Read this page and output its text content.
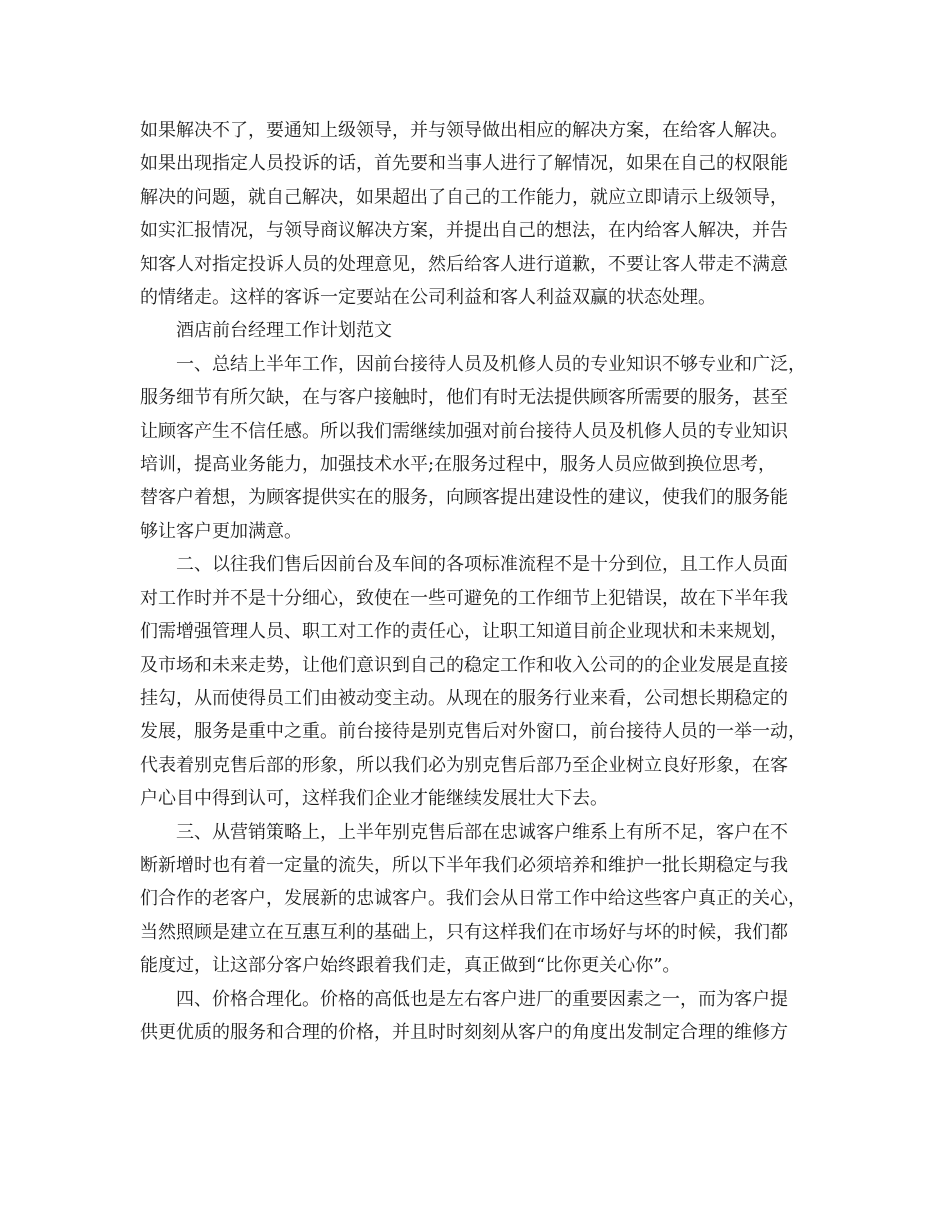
如果解决不了，要通知上级领导，并与领导做出相应的解决方案，在给客人解决。
如果出现指定人员投诉的话，首先要和当事人进行了解情况，如果在自己的权限能
解决的问题，就自己解决，如果超出了自己的工作能力，就应立即请示上级领导，
如实汇报情况，与领导商议解决方案，并提出自己的想法，在内给客人解决，并告
知客人对指定投诉人员的处理意见，然后给客人进行道歉，不要让客人带走不满意
的情绪走。这样的客诉一定要站在公司利益和客人利益双赢的状态处理。
酒店前台经理工作计划范文
一、总结上半年工作，因前台接待人员及机修人员的专业知识不够专业和广泛，
服务细节有所欠缺，在与客户接触时，他们有时无法提供顾客所需要的服务，甚至
让顾客产生不信任感。所以我们需继续加强对前台接待人员及机修人员的专业知识
培训，提高业务能力，加强技术水平;在服务过程中，服务人员应做到换位思考，
替客户着想，为顾客提供实在的服务，向顾客提出建设性的建议，使我们的服务能
够让客户更加满意。
二、以往我们售后因前台及车间的各项标准流程不是十分到位，且工作人员面
对工作时并不是十分细心，致使在一些可避免的工作细节上犯错误，故在下半年我
们需增强管理人员、职工对工作的责任心，让职工知道目前企业现状和未来规划，
及市场和未来走势，让他们意识到自己的稳定工作和收入公司的的企业发展是直接
挂勾，从而使得员工们由被动变主动。从现在的服务行业来看，公司想长期稳定的
发展，服务是重中之重。前台接待是别克售后对外窗口，前台接待人员的一举一动，
代表着别克售后部的形象，所以我们必为别克售后部乃至企业树立良好形象，在客
户心目中得到认可，这样我们企业才能继续发展壮大下去。
三、从营销策略上，上半年别克售后部在忠诚客户维系上有所不足，客户在不
断新增时也有着一定量的流失，所以下半年我们必须培养和维护一批长期稳定与我
们合作的老客户，发展新的忠诚客户。我们会从日常工作中给这些客户真正的关心，
当然照顾是建立在互惠互利的基础上，只有这样我们在市场好与坏的时候，我们都
能度过，让这部分客户始终跟着我们走，真正做到“比你更关心你”。
四、价格合理化。价格的高低也是左右客户进厂的重要因素之一，而为客户提
供更优质的服务和合理的价格，并且时时刻刻从客户的角度出发制定合理的维修方
